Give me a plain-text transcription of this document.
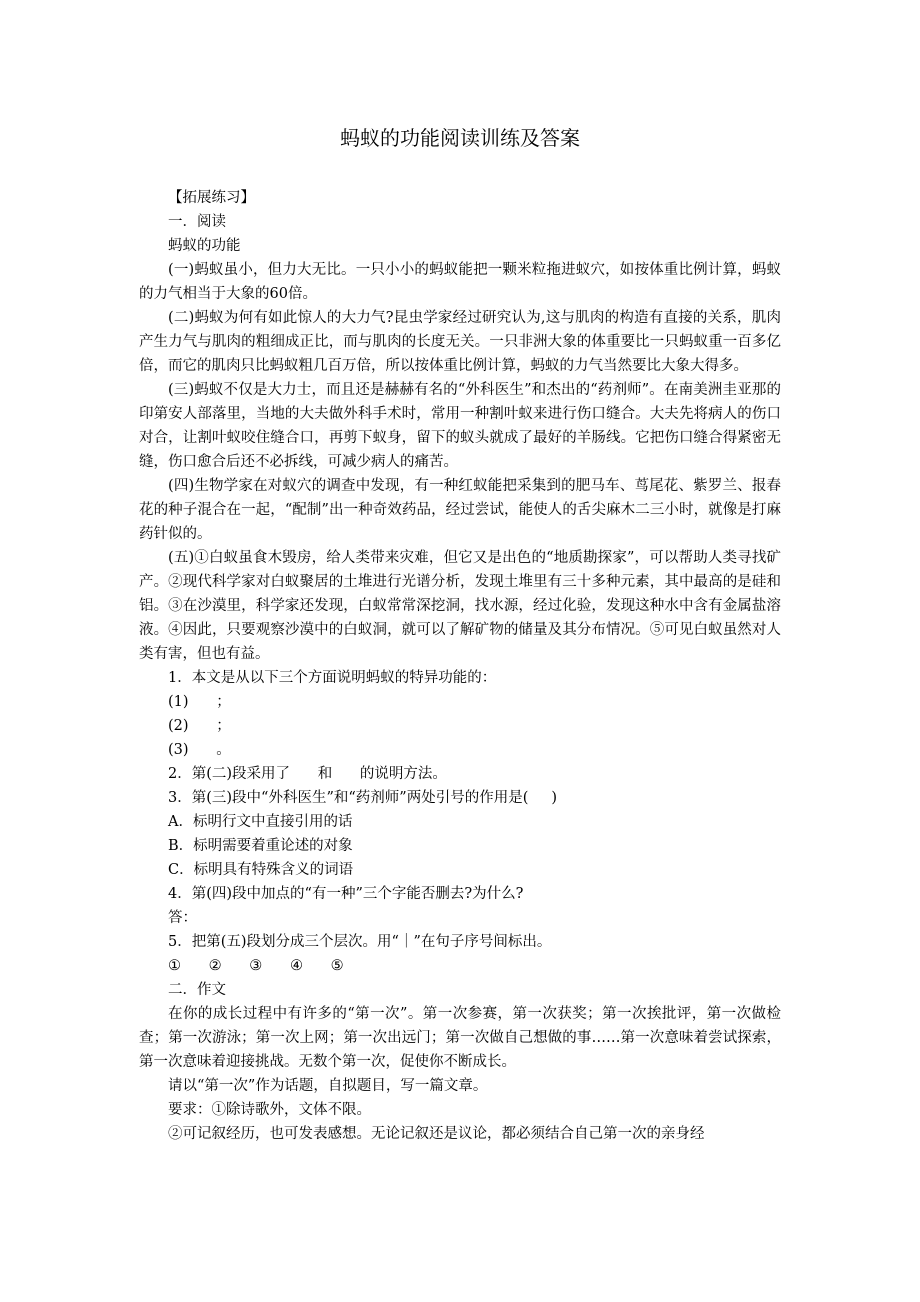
蚂蚁的功能阅读训练及答案

【拓展练习】

一．阅读

蚂蚁的功能

(一)蚂蚁虽小，但力大无比。一只小小的蚂蚁能把一颗米粒拖进蚁穴，如按体重比例计算，蚂蚁的力气相当于大象的60倍。

(二)蚂蚁为何有如此惊人的大力气?昆虫学家经过研究认为,这与肌肉的构造有直接的关系，肌肉产生力气与肌肉的粗细成正比，而与肌肉的长度无关。一只非洲大象的体重要比一只蚂蚁重一百多亿倍，而它的肌肉只比蚂蚁粗几百万倍，所以按体重比例计算，蚂蚁的力气当然要比大象大得多。

(三)蚂蚁不仅是大力士，而且还是赫赫有名的“外科医生”和杰出的“药剂师”。在南美洲圭亚那的印第安人部落里，当地的大夫做外科手术时，常用一种割叶蚁来进行伤口缝合。大夫先将病人的伤口对合，让割叶蚁咬住缝合口，再剪下蚁身，留下的蚁头就成了最好的羊肠线。它把伤口缝合得紧密无缝，伤口愈合后还不必拆线，可减少病人的痛苦。

(四)生物学家在对蚁穴的调查中发现，有一种红蚁能把采集到的肥马车、茑尾花、紫罗兰、报春花的种子混合在一起，“配制”出一种奇效药品，经过尝试，能使人的舌尖麻木二三小时，就像是打麻药针似的。

(五)①白蚁虽食木毁房，给人类带来灾难，但它又是出色的“地质勘探家”，可以帮助人类寻找矿产。②现代科学家对白蚁聚居的土堆进行光谱分析，发现土堆里有三十多种元素，其中最高的是硅和铝。③在沙漠里，科学家还发现，白蚁常常深挖洞，找水源，经过化验，发现这种水中含有金属盐溶液。④因此，只要观察沙漠中的白蚁洞，就可以了解矿物的储量及其分布情况。⑤可见白蚁虽然对人类有害，但也有益。

1．本文是从以下三个方面说明蚂蚁的特异功能的：

(1)      ；

(2)      ；

(3)      。

2．第(二)段采用了      和      的说明方法。

3．第(三)段中“外科医生”和“药剂师”两处引号的作用是(     )

A．标明行文中直接引用的话

B．标明需要着重论述的对象

C．标明具有特殊含义的词语

4．第(四)段中加点的“有一种”三个字能否删去?为什么?

答：

5．把第(五)段划分成三个层次。用“｜”在句子序号间标出。

①      ②      ③      ④      ⑤

二．作文

在你的成长过程中有许多的“第一次”。第一次参赛，第一次获奖；第一次挨批评，第一次做检查；第一次游泳；第一次上网；第一次出远门；第一次做自己想做的事……第一次意味着尝试探索，第一次意味着迎接挑战。无数个第一次，促使你不断成长。

请以“第一次”作为话题，自拟题目，写一篇文章。

要求：①除诗歌外，文体不限。

②可记叙经历，也可发表感想。无论记叙还是议论，都必须结合自己第一次的亲身经
